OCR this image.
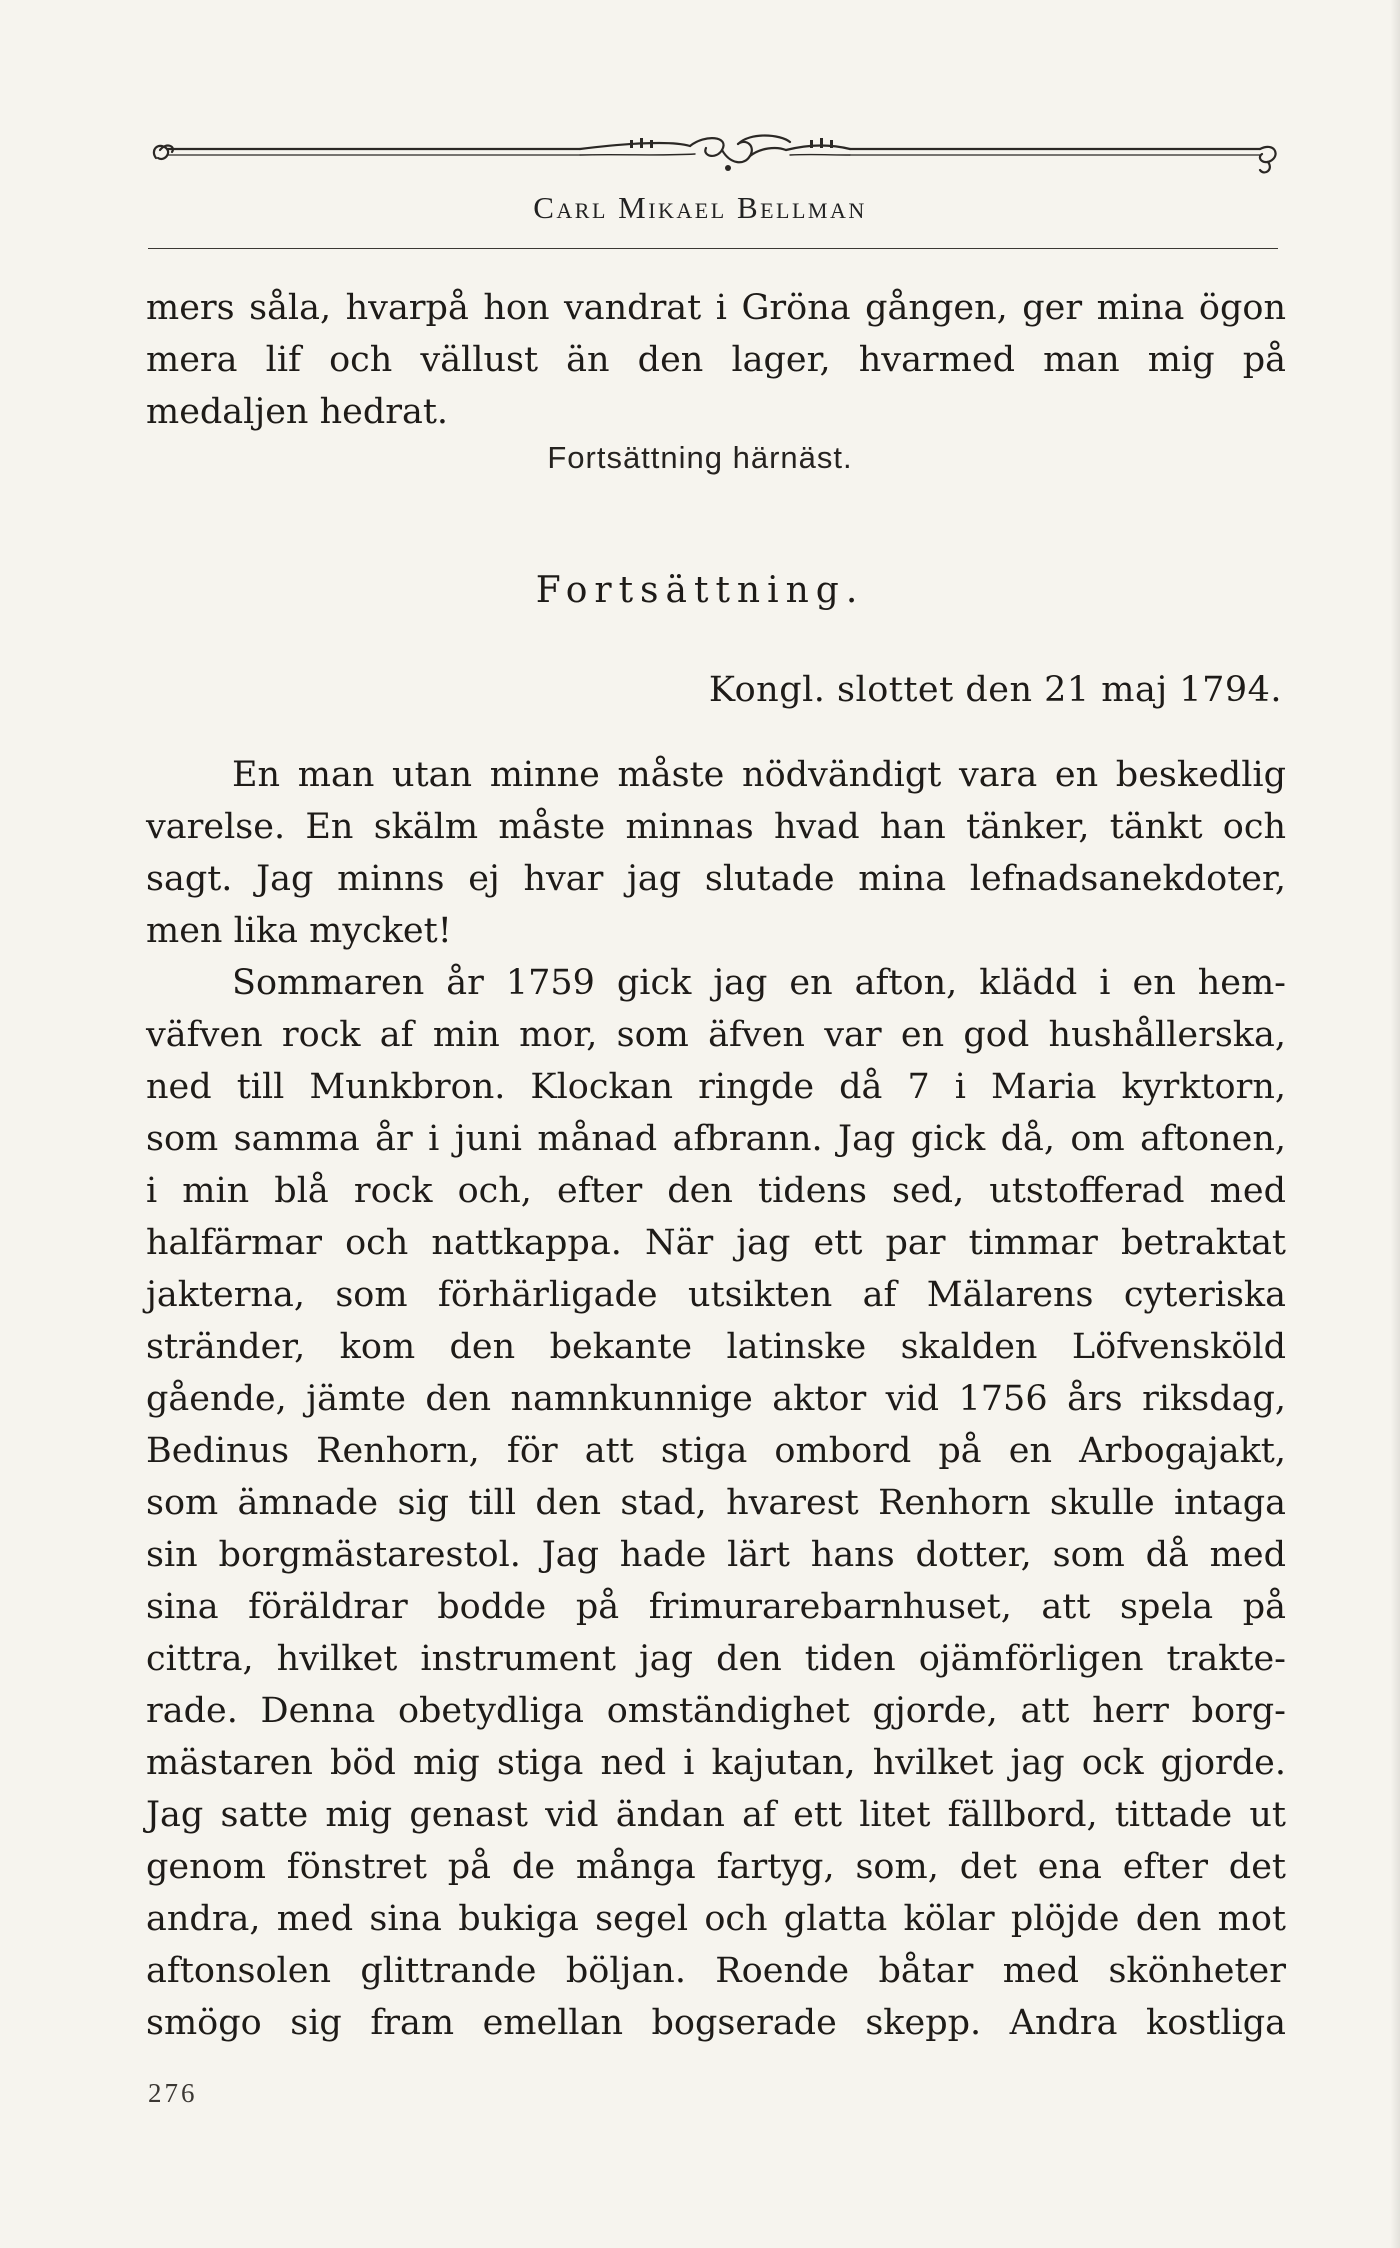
Carl Mikael Bellman
mers såla, hvarpå hon vandrat i Gröna gången, ger mina ögon
mera lif och vällust än den lager, hvarmed man mig på
medaljen hedrat.
Fortsättning härnäst.
Fortsättning.
Kongl. slottet den 21 maj 1794.
En man utan minne måste nödvändigt vara en beskedlig
varelse. En skälm måste minnas hvad han tänker, tänkt och
sagt. Jag minns ej hvar jag slutade mina lefnadsanekdoter,
men lika mycket!
Sommaren år 1759 gick jag en afton, klädd i en hem-
väfven rock af min mor, som äfven var en god hushållerska,
ned till Munkbron. Klockan ringde då 7 i Maria kyrktorn,
som samma år i juni månad afbrann. Jag gick då, om aftonen,
i min blå rock och, efter den tidens sed, utstofferad med
halfärmar och nattkappa. När jag ett par timmar betraktat
jakterna, som förhärligade utsikten af Mälarens cyteriska
stränder, kom den bekante latinske skalden Löfvensköld
gående, jämte den namnkunnige aktor vid 1756 års riksdag,
Bedinus Renhorn, för att stiga ombord på en Arbogajakt,
som ämnade sig till den stad, hvarest Renhorn skulle intaga
sin borgmästarestol. Jag hade lärt hans dotter, som då med
sina föräldrar bodde på frimurarebarnhuset, att spela på
cittra, hvilket instrument jag den tiden ojämförligen trakte-
rade. Denna obetydliga omständighet gjorde, att herr borg-
mästaren böd mig stiga ned i kajutan, hvilket jag ock gjorde.
Jag satte mig genast vid ändan af ett litet fällbord, tittade ut
genom fönstret på de många fartyg, som, det ena efter det
andra, med sina bukiga segel och glatta kölar plöjde den mot
aftonsolen glittrande böljan. Roende båtar med skönheter
smögo sig fram emellan bogserade skepp. Andra kostliga
276
